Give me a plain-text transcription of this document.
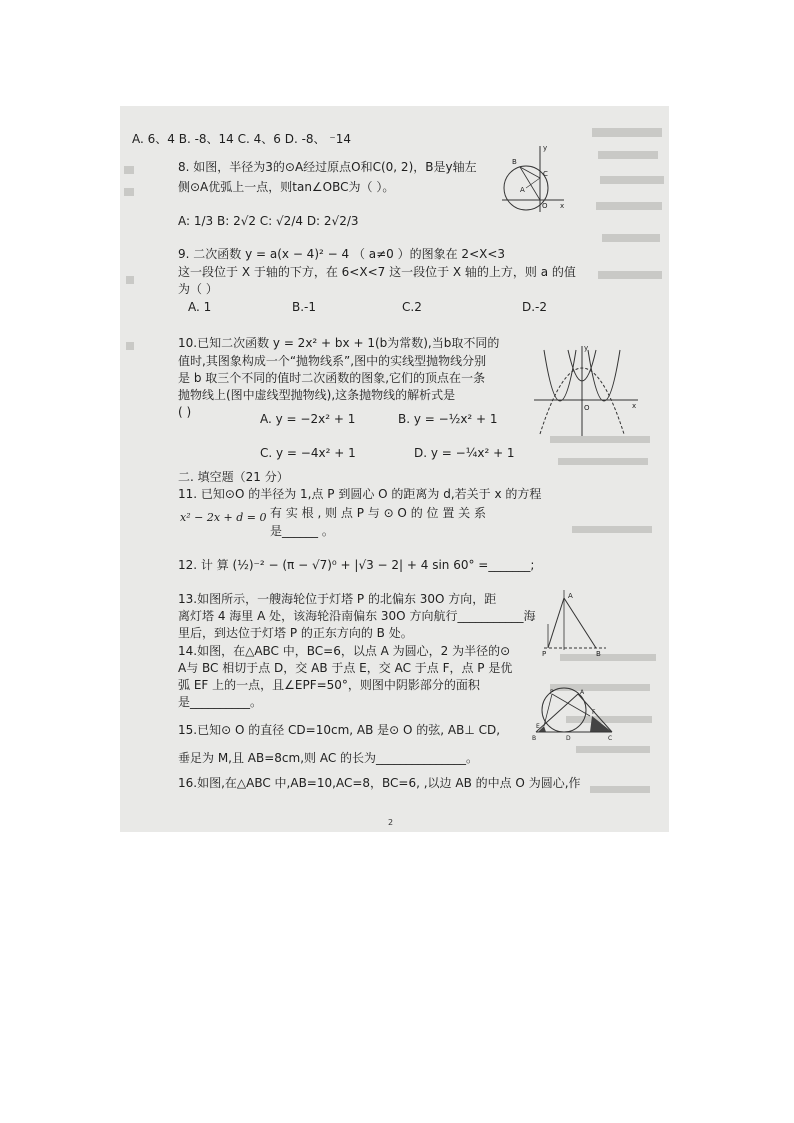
A. 6、4 B. -8、14 C. 4、6 D. -8、 ⁻14
8. 如图，半径为3的⊙A经过原点O和C(0, 2)，B是y轴左
侧⊙A优弧上一点，则tan∠OBC为（ ）。
A: 1/3 B: 2√2 C: √2/4 D: 2√2/3
B
C
A
O x
y
9. 二次函数 y = a(x − 4)² − 4 （ a≠0 ）的图象在 2<X<3
这一段位于 X 于轴的下方，在 6<X<7 这一段位于 X 轴的上方，则 a 的值
为（ ）
A. 1	B.-1	C.2	D.-2
10.已知二次函数 y = 2x² + bx + 1(b为常数),当b取不同的
值时,其图象构成一个“抛物线系”,图中的实线型抛物线分别
是 b 取三个不同的值时二次函数的图象,它们的顶点在一条
抛物线上(图中虚线型抛物线),这条抛物线的解析式是
( )	A. y = −2x² + 1	B. y = −½x² + 1
C. y = −4x² + 1	D. y = −¼x² + 1
y
O	x
二. 填空题（21 分）
11. 已知⊙O 的半径为 1,点 P 到圆心 O 的距离为 d,若关于 x 的方程
x² − 2x + d = 0 有 实 根 , 则 点 P 与 ⊙ O 的 位 置 关 系
是______ 。
12. 计 算 (½)⁻² − (π − √7)⁰ + |√3 − 2| + 4 sin 60° =_______;
13.如图所示，一艘海轮位于灯塔 P 的北偏东 30O 方向，距
离灯塔 4 海里 A 处，该海轮沿南偏东 30O 方向航行___________海
里后，到达位于灯塔 P 的正东方向的 B 处。
A
P	B
14.如图，在△ABC 中，BC=6，以点 A 为圆心，2 为半径的⊙
A与 BC 相切于点 D，交 AB 于点 E，交 AC 于点 F，点 P 是优
弧 EF 上的一点，且∠EPF=50°，则图中阴影部分的面积
是__________。
P	A
E
F
B	D	C
15.已知⊙ O 的直径 CD=10cm, AB 是⊙ O 的弦, AB⊥ CD,
垂足为 M,且 AB=8cm,则 AC 的长为_______________。
16.如图,在△ABC 中,AB=10,AC=8，BC=6, ,以边 AB 的中点 O 为圆心,作
2
